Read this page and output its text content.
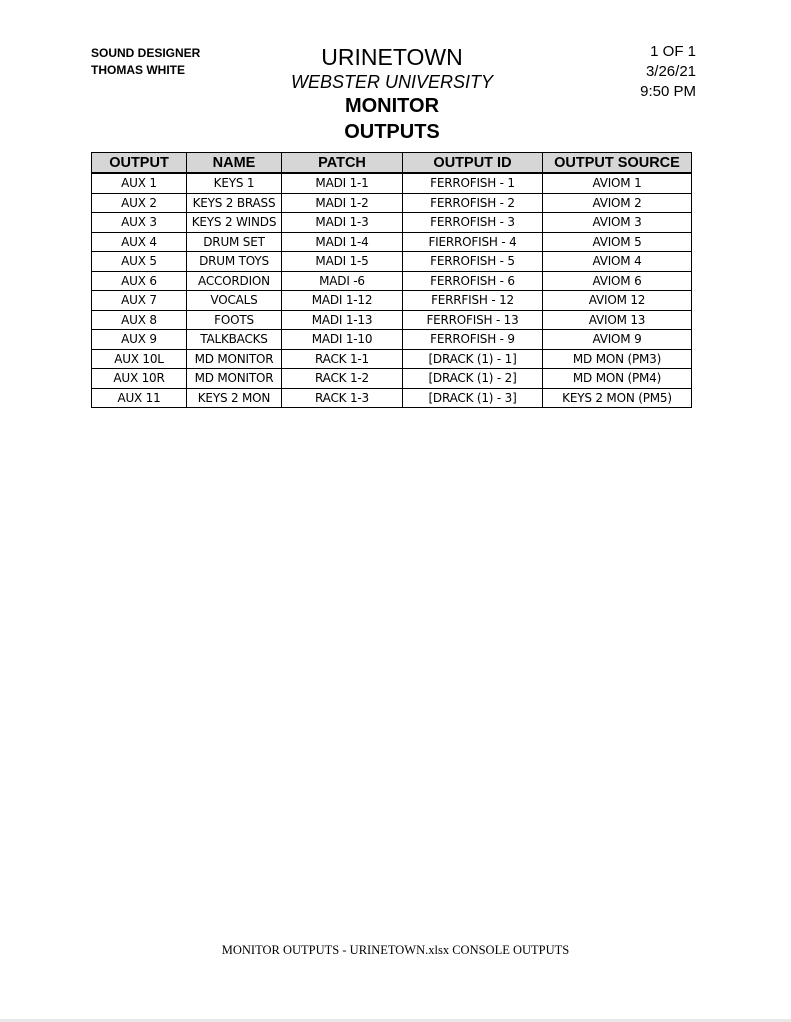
SOUND DESIGNER
THOMAS WHITE	URINETOWN
WEBSTER UNIVERSITY
MONITOR
OUTPUTS
1 OF 1
3/26/21
9:50 PM
OUTPUT	NAME	PATCH	OUTPUT ID	OUTPUT SOURCE
AUX 1	KEYS 1	MADI 1-1	FERROFISH - 1	AVIOM 1
AUX 2	KEYS 2 BRASS	MADI 1-2	FERROFISH - 2	AVIOM 2
AUX 3	KEYS 2 WINDS	MADI 1-3	FERROFISH - 3	AVIOM 3
AUX 4	DRUM SET	MADI 1-4	FIERROFISH - 4	AVIOM 5
AUX 5	DRUM TOYS	MADI 1-5	FERROFISH - 5	AVIOM 4
AUX 6	ACCORDION	MADI -6	FERROFISH - 6	AVIOM 6
AUX 7	VOCALS	MADI 1-12	FERRFISH - 12	AVIOM 12
AUX 8	FOOTS	MADI 1-13	FERROFISH - 13	AVIOM 13
AUX 9	TALKBACKS	MADI 1-10	FERROFISH - 9	AVIOM 9
AUX 10L	MD MONITOR	RACK 1-1	[DRACK (1) - 1]	MD MON (PM3)
AUX 10R	MD MONITOR	RACK 1-2	[DRACK (1) - 2]	MD MON (PM4)
AUX 11	KEYS 2 MON	RACK 1-3	[DRACK (1) - 3]	KEYS 2 MON (PM5)
MONITOR OUTPUTS - URINETOWN.xlsx CONSOLE OUTPUTS
